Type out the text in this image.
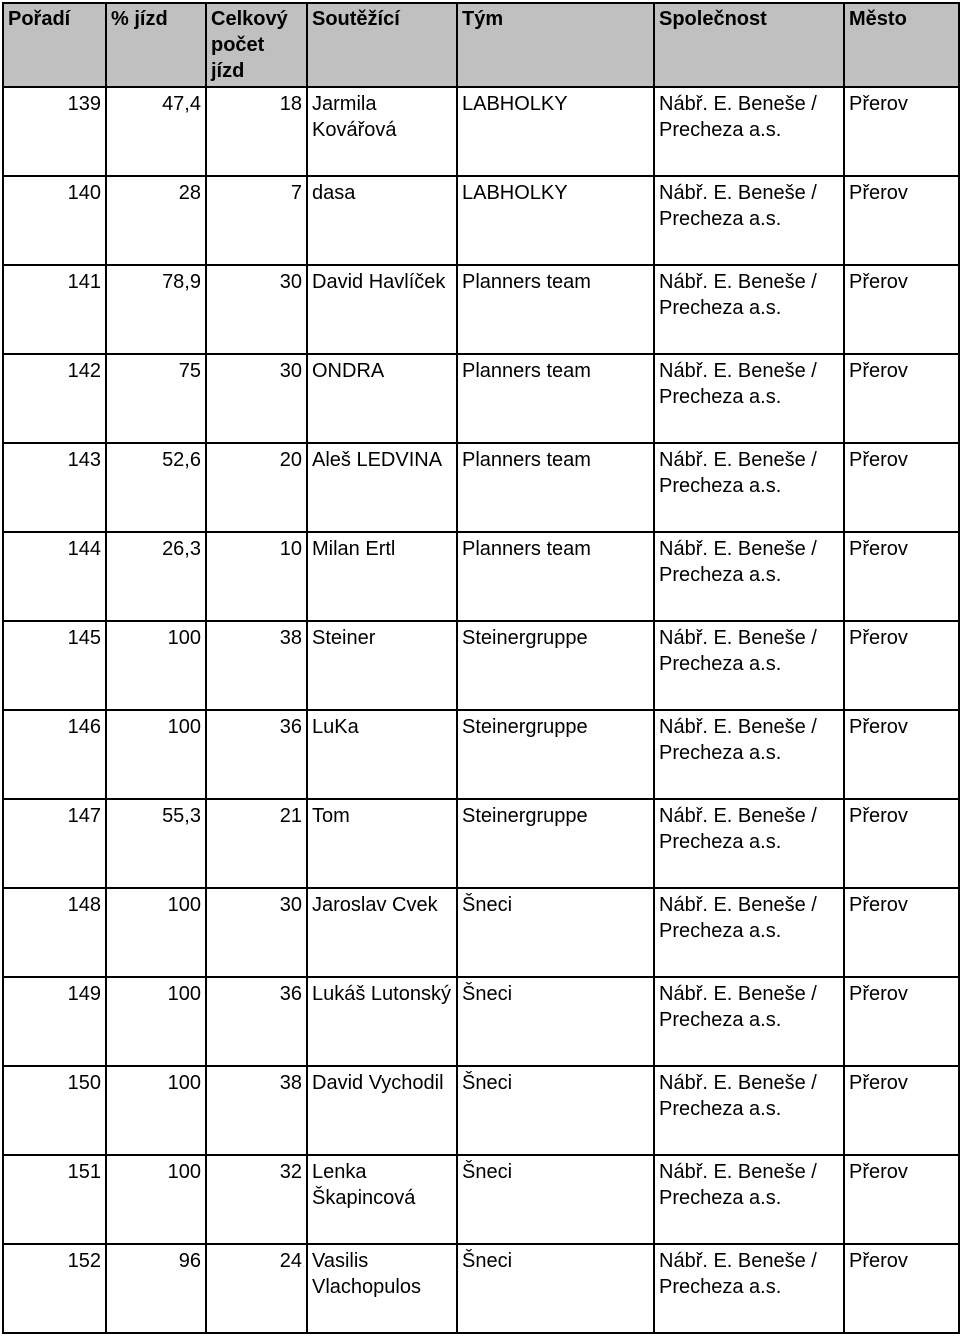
Pořadí	% jízd	Celkový počet jízd	Soutěžící	Tým	Společnost	Město
139	47,4	18	Jarmila Kovářová	LABHOLKY	Nábř. E. Beneše / Precheza a.s.	Přerov
140	28	7	dasa	LABHOLKY	Nábř. E. Beneše / Precheza a.s.	Přerov
141	78,9	30	David Havlíček	Planners team	Nábř. E. Beneše / Precheza a.s.	Přerov
142	75	30	ONDRA	Planners team	Nábř. E. Beneše / Precheza a.s.	Přerov
143	52,6	20	Aleš LEDVINA	Planners team	Nábř. E. Beneše / Precheza a.s.	Přerov
144	26,3	10	Milan Ertl	Planners team	Nábř. E. Beneše / Precheza a.s.	Přerov
145	100	38	Steiner	Steinergruppe	Nábř. E. Beneše / Precheza a.s.	Přerov
146	100	36	LuKa	Steinergruppe	Nábř. E. Beneše / Precheza a.s.	Přerov
147	55,3	21	Tom	Steinergruppe	Nábř. E. Beneše / Precheza a.s.	Přerov
148	100	30	Jaroslav Cvek	Šneci	Nábř. E. Beneše / Precheza a.s.	Přerov
149	100	36	Lukáš Lutonský	Šneci	Nábř. E. Beneše / Precheza a.s.	Přerov
150	100	38	David Vychodil	Šneci	Nábř. E. Beneše / Precheza a.s.	Přerov
151	100	32	Lenka Škapincová	Šneci	Nábř. E. Beneše / Precheza a.s.	Přerov
152	96	24	Vasilis Vlachopulos	Šneci	Nábř. E. Beneše / Precheza a.s.	Přerov
